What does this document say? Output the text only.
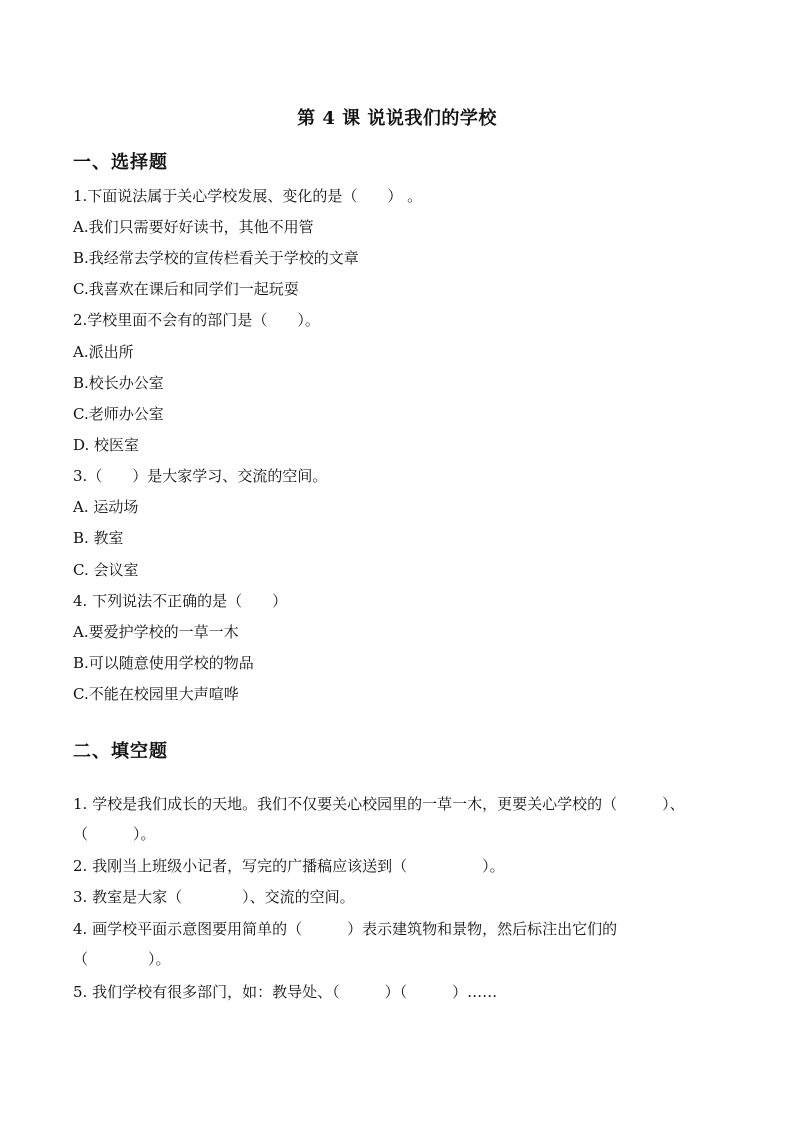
第 4 课 说说我们的学校
一、选择题
1.下面说法属于关心学校发展、变化的是（　　） 。
A.我们只需要好好读书，其他不用管
B.我经常去学校的宣传栏看关于学校的文章
C.我喜欢在课后和同学们一起玩耍
2.学校里面不会有的部门是（　　）。
A.派出所
B.校长办公室
C.老师办公室
D. 校医室
3.（　　）是大家学习、交流的空间。
A. 运动场
B. 教室
C. 会议室
4. 下列说法不正确的是（　　）
A.要爱护学校的一草一木
B.可以随意使用学校的物品
C.不能在校园里大声喧哗
二、填空题
1. 学校是我们成长的天地。我们不仅要关心校园里的一草一木，更要关心学校的（　　　）、
（　　　）。
2. 我刚当上班级小记者，写完的广播稿应该送到（　　　　　）。
3. 教室是大家（　　　　）、交流的空间。
4. 画学校平面示意图要用简单的（　　　）表示建筑物和景物，然后标注出它们的
（　　　　）。
5. 我们学校有很多部门，如：教导处、（　　　）（　　　）……
